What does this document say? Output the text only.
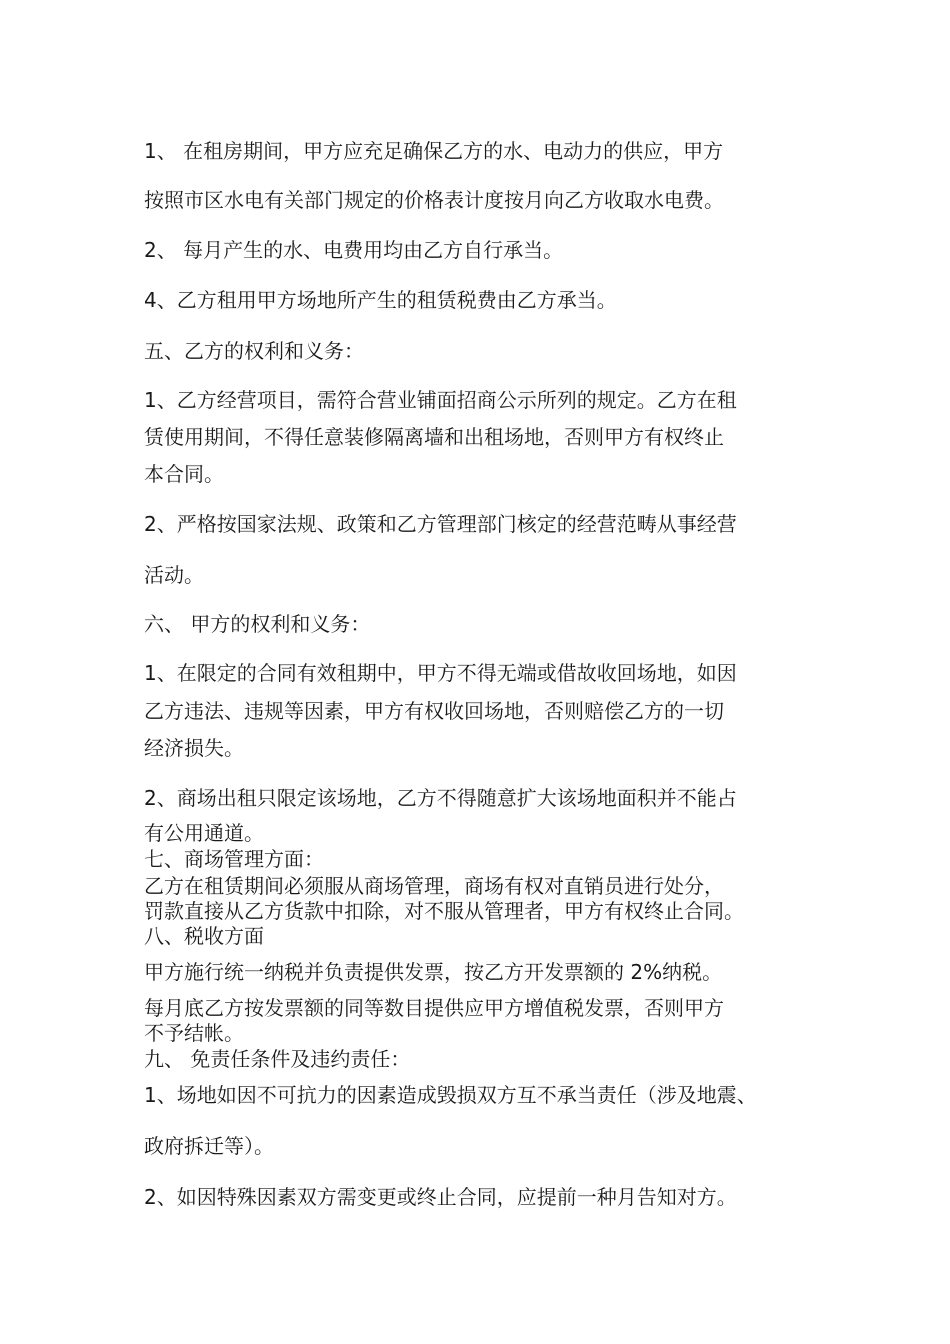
1、 在租房期间，甲方应充足确保乙方的水、电动力的供应，甲方
按照市区水电有关部门规定的价格表计度按月向乙方收取水电费。
2、 每月产生的水、电费用均由乙方自行承当。
4、乙方租用甲方场地所产生的租赁税费由乙方承当。
五、乙方的权利和义务：
1、乙方经营项目，需符合营业铺面招商公示所列的规定。乙方在租
赁使用期间，不得任意装修隔离墙和出租场地，否则甲方有权终止
本合同。
2、严格按国家法规、政策和乙方管理部门核定的经营范畴从事经营
活动。
六、 甲方的权利和义务：
1、在限定的合同有效租期中，甲方不得无端或借故收回场地，如因
乙方违法、违规等因素，甲方有权收回场地，否则赔偿乙方的一切
经济损失。
2、商场出租只限定该场地，乙方不得随意扩大该场地面积并不能占
有公用通道。
七、商场管理方面：
乙方在租赁期间必须服从商场管理，商场有权对直销员进行处分，
罚款直接从乙方货款中扣除，对不服从管理者，甲方有权终止合同。
八、税收方面
甲方施行统一纳税并负责提供发票，按乙方开发票额的 2%纳税。
每月底乙方按发票额的同等数目提供应甲方增值税发票，否则甲方
不予结帐。
九、 免责任条件及违约责任：
1、场地如因不可抗力的因素造成毁损双方互不承当责任（涉及地震、
政府拆迁等）。
2、如因特殊因素双方需变更或终止合同，应提前一种月告知对方。
